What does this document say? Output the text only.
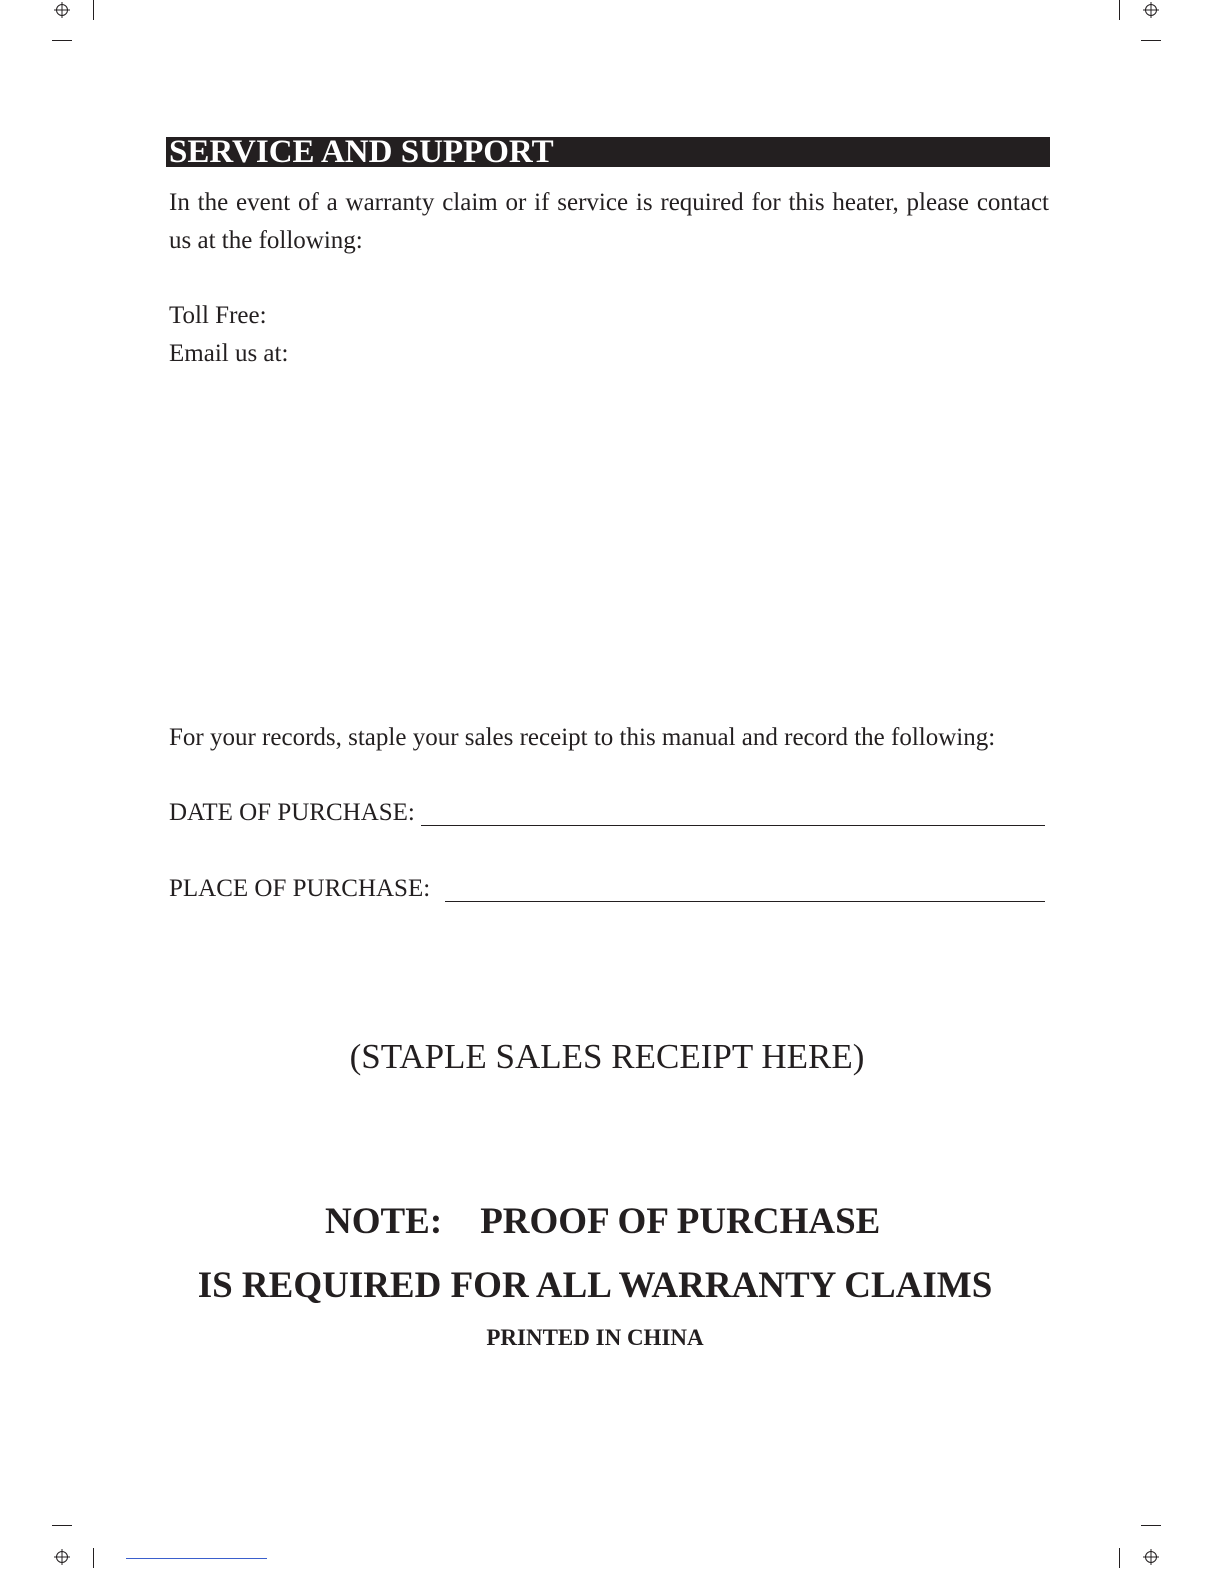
SERVICE AND SUPPORT
In the event of a warranty claim or if service is required for this heater, please contact us at the following:
Toll Free:
Email us at:
For your records, staple your sales receipt to this manual and record the following:
DATE OF PURCHASE:
PLACE OF PURCHASE:
(STAPLE SALES RECEIPT HERE)
NOTE: PROOF OF PURCHASE
IS REQUIRED FOR ALL WARRANTY CLAIMS
PRINTED IN CHINA
